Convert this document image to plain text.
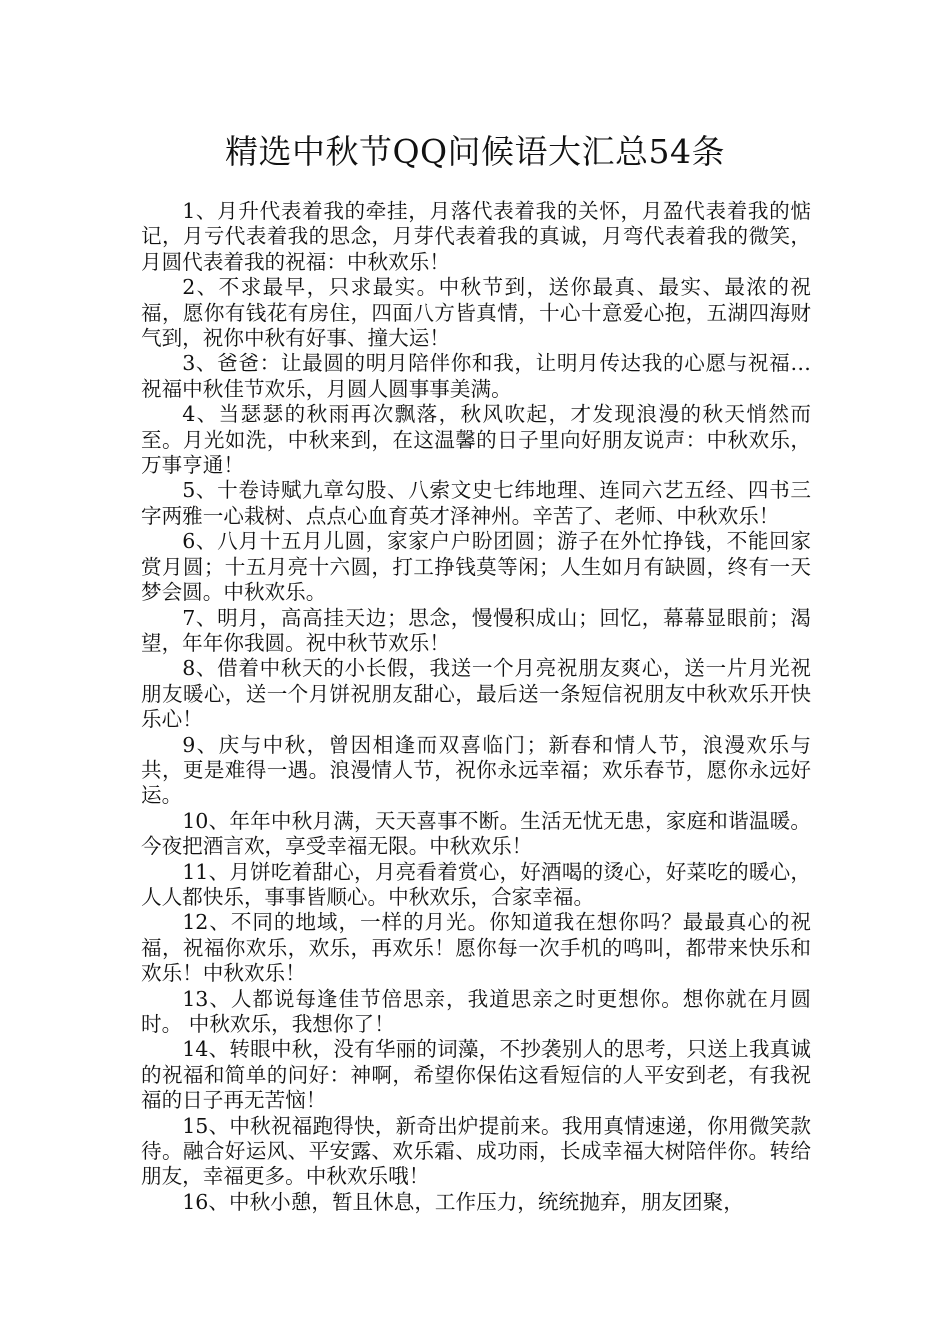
精选中秋节QQ问候语大汇总54条

1、月升代表着我的牵挂，月落代表着我的关怀，月盈代表着我的惦记，月亏代表着我的思念，月芽代表着我的真诚，月弯代表着我的微笑，月圆代表着我的祝福：中秋欢乐！

2、不求最早，只求最实。中秋节到，送你最真、最实、最浓的祝福，愿你有钱花有房住，四面八方皆真情，十心十意爱心抱，五湖四海财气到，祝你中秋有好事、撞大运！

3、爸爸：让最圆的明月陪伴你和我，让明月传达我的心愿与祝福…祝福中秋佳节欢乐，月圆人圆事事美满。

4、当瑟瑟的秋雨再次飘落，秋风吹起，才发现浪漫的秋天悄然而至。月光如洗，中秋来到，在这温馨的日子里向好朋友说声：中秋欢乐，万事亨通！

5、十卷诗赋九章勾股、八索文史七纬地理、连同六艺五经、四书三字两雅一心栽树、点点心血育英才泽神州。辛苦了、老师、中秋欢乐！

6、八月十五月儿圆，家家户户盼团圆；游子在外忙挣钱，不能回家赏月圆；十五月亮十六圆，打工挣钱莫等闲；人生如月有缺圆，终有一天梦会圆。中秋欢乐。

7、明月，高高挂天边；思念，慢慢积成山；回忆，幕幕显眼前；渴望，年年你我圆。祝中秋节欢乐！

8、借着中秋天的小长假，我送一个月亮祝朋友爽心，送一片月光祝朋友暖心，送一个月饼祝朋友甜心，最后送一条短信祝朋友中秋欢乐开快乐心！

9、庆与中秋，曾因相逢而双喜临门；新春和情人节，浪漫欢乐与共，更是难得一遇。浪漫情人节，祝你永远幸福；欢乐春节，愿你永远好运。

10、年年中秋月满，天天喜事不断。生活无忧无患，家庭和谐温暖。今夜把酒言欢，享受幸福无限。中秋欢乐！

11、月饼吃着甜心，月亮看着赏心，好酒喝的烫心，好菜吃的暖心，人人都快乐，事事皆顺心。中秋欢乐，合家幸福。

12、不同的地域，一样的月光。你知道我在想你吗？最最真心的祝福，祝福你欢乐，欢乐，再欢乐！愿你每一次手机的鸣叫，都带来快乐和欢乐！中秋欢乐！

13、人都说每逢佳节倍思亲，我道思亲之时更想你。想你就在月圆时。 中秋欢乐，我想你了！

14、转眼中秋，没有华丽的词藻，不抄袭别人的思考，只送上我真诚的祝福和简单的问好：神啊，希望你保佑这看短信的人平安到老，有我祝福的日子再无苦恼！

15、中秋祝福跑得快，新奇出炉提前来。我用真情速递，你用微笑款待。融合好运风、平安露、欢乐霜、成功雨，长成幸福大树陪伴你。转给朋友，幸福更多。中秋欢乐哦！

16、中秋小憩，暂且休息，工作压力，统统抛弃，朋友团聚，
